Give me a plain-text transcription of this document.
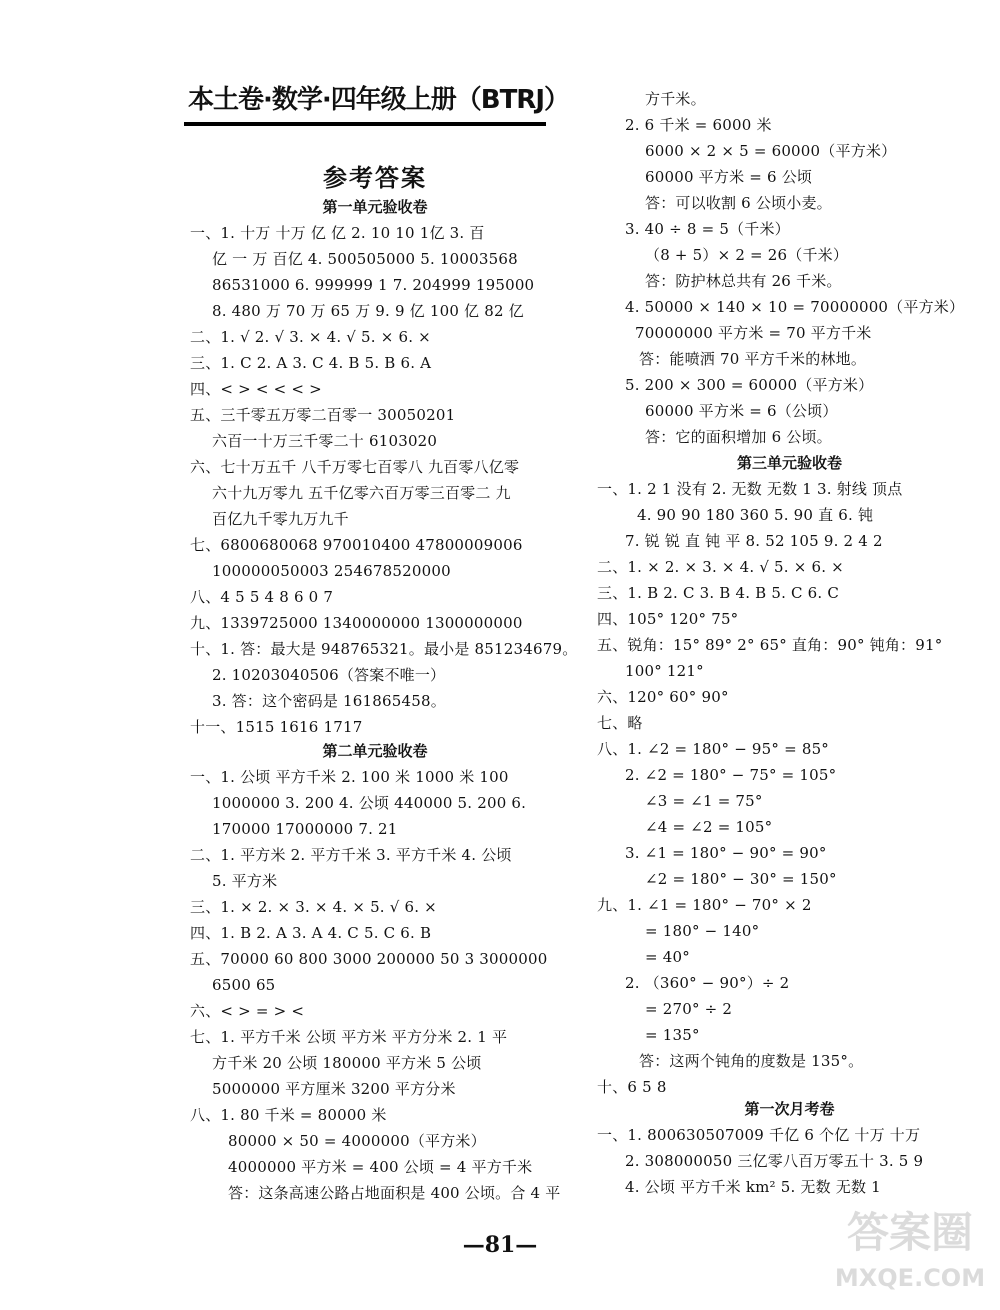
本土卷·数学·四年级上册（BTRJ）
参考答案
第一单元验收卷
一、1. 十万 十万 亿 亿 2. 10 10 1亿 3. 百
亿 一 万 百亿 4. 500505000 5. 10003568
86531000 6. 999999 1 7. 204999 195000
8. 480 万 70 万 65 万 9. 9 亿 100 亿 82 亿
二、1. √ 2. √ 3. × 4. √ 5. × 6. ×
三、1. C 2. A 3. C 4. B 5. B 6. A
四、< > < < < >
五、三千零五万零二百零一 30050201
六百一十万三千零二十 6103020
六、七十万五千 八千万零七百零八 九百零八亿零
六十九万零九 五千亿零六百万零三百零二 九
百亿九千零九万九千
七、6800680068 970010400 47800009006
100000050003 254678520000
八、4 5 5 4 8 6 0 7
九、1339725000 1340000000 1300000000
十、1. 答：最大是 948765321。最小是 851234679。
2. 10203040506（答案不唯一）
3. 答：这个密码是 161865458。
十一、1515 1616 1717
第二单元验收卷
一、1. 公顷 平方千米 2. 100 米 1000 米 100
1000000 3. 200 4. 公顷 440000 5. 200 6.
170000 17000000 7. 21
二、1. 平方米 2. 平方千米 3. 平方千米 4. 公顷
5. 平方米
三、1. × 2. × 3. × 4. × 5. √ 6. ×
四、1. B 2. A 3. A 4. C 5. C 6. B
五、70000 60 800 3000 200000 50 3 3000000
6500 65
六、< > = > <
七、1. 平方千米 公顷 平方米 平方分米 2. 1 平
方千米 20 公顷 180000 平方米 5 公顷
5000000 平方厘米 3200 平方分米
八、1. 80 千米 = 80000 米
80000 × 50 = 4000000（平方米）
4000000 平方米 = 400 公顷 = 4 平方千米
答：这条高速公路占地面积是 400 公顷。合 4 平
方千米。
2. 6 千米 = 6000 米
6000 × 2 × 5 = 60000（平方米）
60000 平方米 = 6 公顷
答：可以收割 6 公顷小麦。
3. 40 ÷ 8 = 5（千米）
（8 + 5）× 2 = 26（千米）
答：防护林总共有 26 千米。
4. 50000 × 140 × 10 = 70000000（平方米）
70000000 平方米 = 70 平方千米
答：能喷洒 70 平方千米的林地。
5. 200 × 300 = 60000（平方米）
60000 平方米 = 6（公顷）
答：它的面积增加 6 公顷。
第三单元验收卷
一、1. 2 1 没有 2. 无数 无数 1 3. 射线 顶点
4. 90 90 180 360 5. 90 直 6. 钝
7. 锐 锐 直 钝 平 8. 52 105 9. 2 4 2
二、1. × 2. × 3. × 4. √ 5. × 6. ×
三、1. B 2. C 3. B 4. B 5. C 6. C
四、105° 120° 75°
五、锐角：15° 89° 2° 65° 直角：90° 钝角：91°
100° 121°
六、120° 60° 90°
七、略
八、1. ∠2 = 180° − 95° = 85°
2. ∠2 = 180° − 75° = 105°
∠3 = ∠1 = 75°
∠4 = ∠2 = 105°
3. ∠1 = 180° − 90° = 90°
∠2 = 180° − 30° = 150°
九、1. ∠1 = 180° − 70° × 2
= 180° − 140°
= 40°
2. （360° − 90°）÷ 2
= 270° ÷ 2
= 135°
答：这两个钝角的度数是 135°。
十、6 5 8
第一次月考卷
一、1. 800630507009 千亿 6 个亿 十万 十万
2. 308000050 三亿零八百万零五十 3. 5 9
4. 公顷 平方千米 km² 5. 无数 无数 1
—81—	答案圈
MXQE.COM
